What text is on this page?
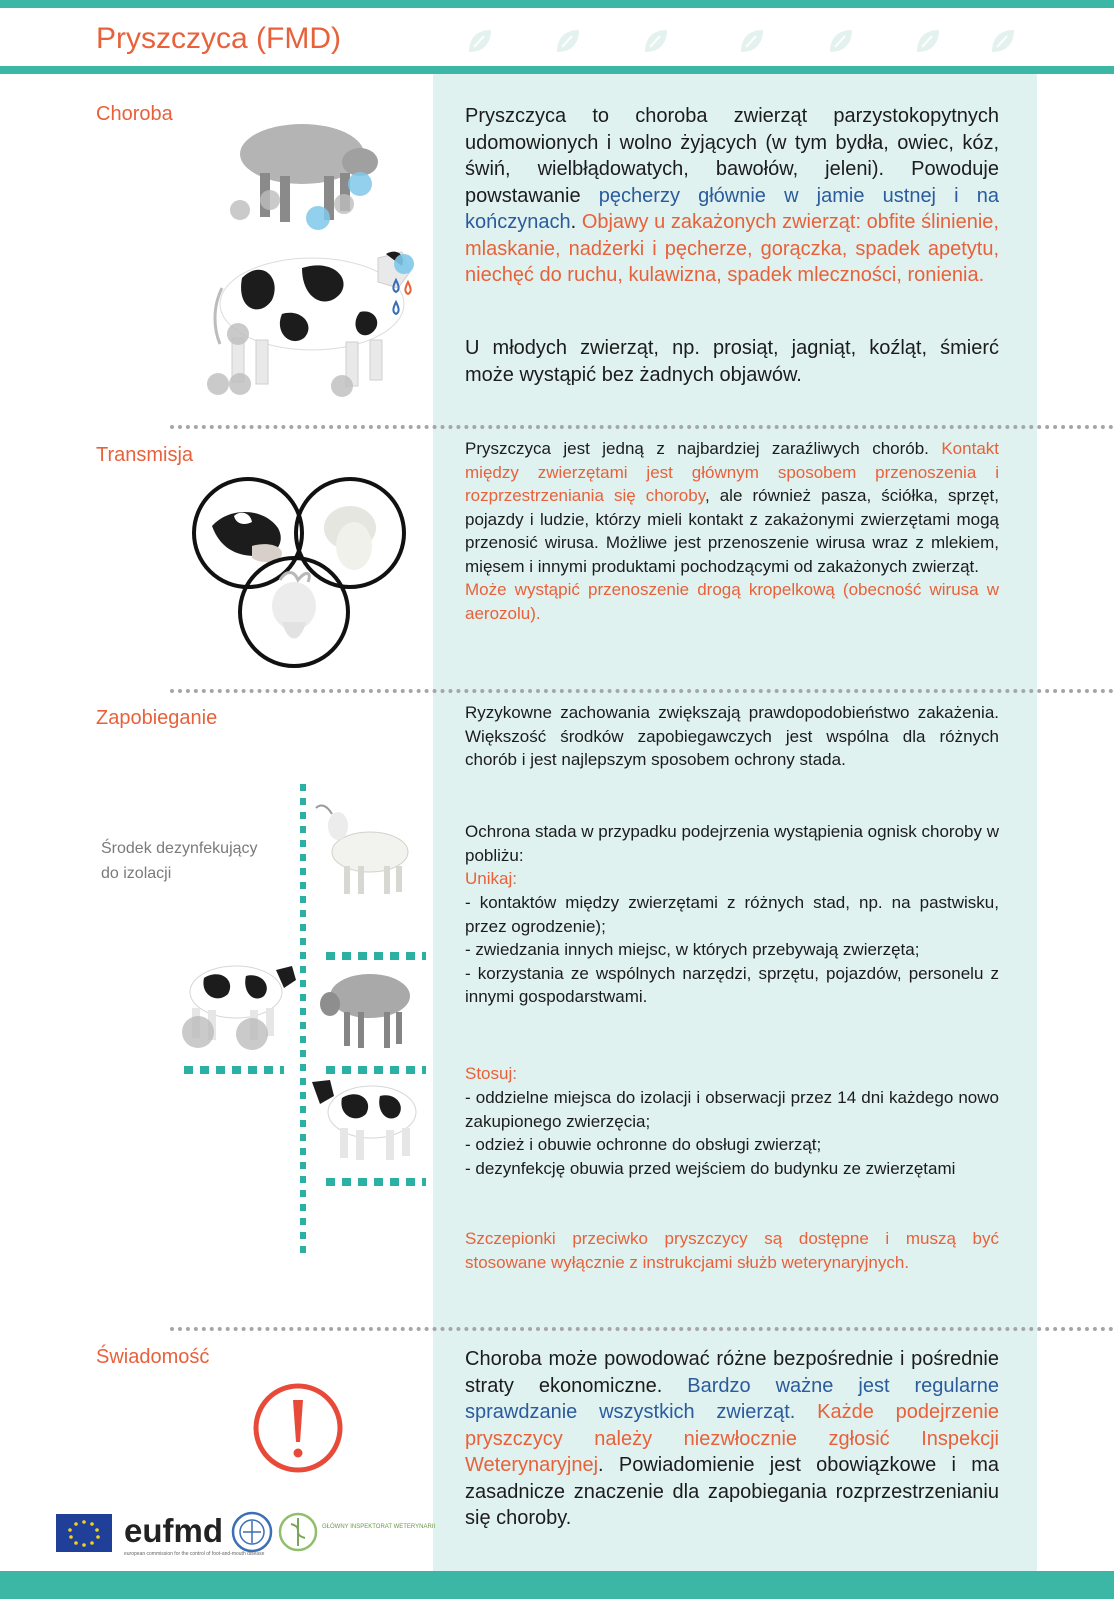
Pryszczyca (FMD)
Choroba	Pryszczyca to choroba zwierząt parzystokopytnych udomowionych i wolno żyjących (w tym bydła, owiec, kóz, świń, wielbłądowatych, bawołów, jeleni). Powoduje powstawanie pęcherzy głównie w jamie ustnej i na kończynach. Objawy u zakażonych zwierząt: obfite ślinienie, mlaskanie, nadżerki i pęcherze, gorączka, spadek apetytu, niechęć do ruchu, kulawizna, spadek mleczności, ronienia.
U młodych zwierząt, np. prosiąt, jagniąt, koźląt, śmierć może wystąpić bez żadnych objawów.
Transmisja	Pryszczyca jest jedną z najbardziej zaraźliwych chorób. Kontakt między zwierzętami jest głównym sposobem przenoszenia i rozprzestrzeniania się choroby, ale również pasza, ściółka, sprzęt, pojazdy i ludzie, którzy mieli kontakt z zakażonymi zwierzętami mogą przenosić wirusa. Możliwe jest przenoszenie wirusa wraz z mlekiem, mięsem i innymi produktami pochodzącymi od zakażonych zwierząt.
Może wystąpić przenoszenie drogą kropelkową (obecność wirusa w aerozolu).
Zapobieganie
Środek dezynfekujący do izolacji
Ryzykowne zachowania zwiększają prawdopodobieństwo zakażenia. Większość środków zapobiegawczych jest wspólna dla różnych chorób i jest najlepszym sposobem ochrony stada.
Ochrona stada w przypadku podejrzenia wystąpienia ognisk choroby w pobliżu:
Unikaj:
- kontaktów między zwierzętami z różnych stad, np. na pastwisku, przez ogrodzenie);
- zwiedzania innych miejsc, w których przebywają zwierzęta;
- korzystania ze wspólnych narzędzi, sprzętu, pojazdów, personelu z innymi gospodarstwami.
Stosuj:
- oddzielne miejsca do izolacji i obserwacji przez 14 dni każdego nowo zakupionego zwierzęcia;
- odzież i obuwie ochronne do obsługi zwierząt;
- dezynfekcję obuwia przed wejściem do budynku ze zwierzętami
Szczepionki przeciwko pryszczycy są dostępne i muszą być stosowane wyłącznie z instrukcjami służb weterynaryjnych.
Świadomość	Choroba może powodować różne bezpośrednie i pośrednie straty ekonomiczne. Bardzo ważne jest regularne sprawdzanie wszystkich zwierząt. Każde podejrzenie pryszczycy należy niezwłocznie zgłosić Inspekcji Weterynaryjnej. Powiadomienie jest obowiązkowe i ma zasadnicze znaczenie dla zapobiegania rozprzestrzenianiu się choroby.
eufmd
european commission for the control of foot-and-mouth disease
GŁÓWNY INSPEKTORAT WETERYNARII
